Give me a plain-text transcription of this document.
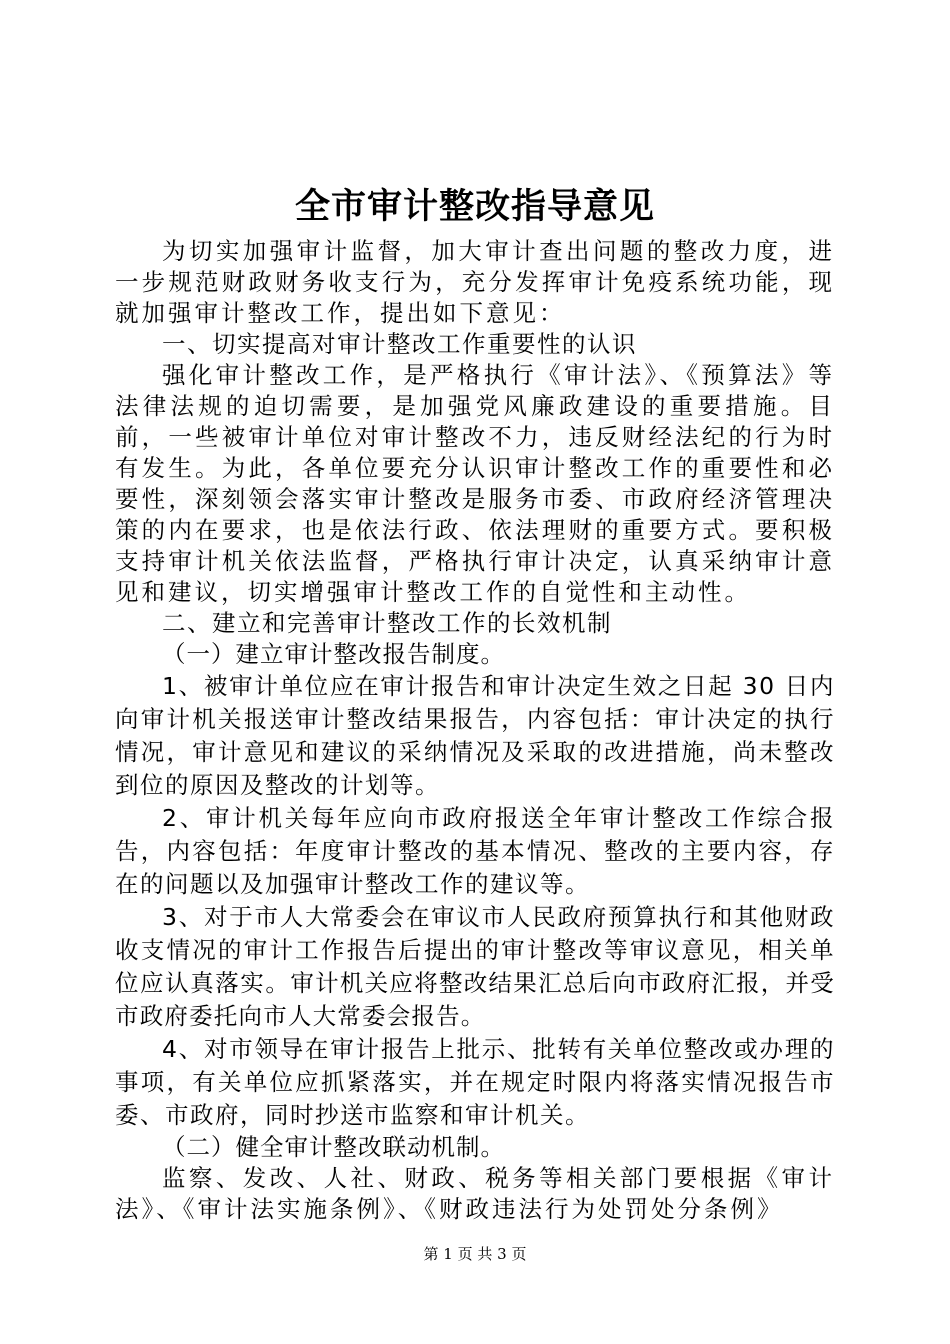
全市审计整改指导意见

为切实加强审计监督，加大审计查出问题的整改力度，进一步规范财政财务收支行为，充分发挥审计免疫系统功能，现就加强审计整改工作，提出如下意见：

一、切实提高对审计整改工作重要性的认识

强化审计整改工作，是严格执行《审计法》、《预算法》等法律法规的迫切需要，是加强党风廉政建设的重要措施。目前，一些被审计单位对审计整改不力，违反财经法纪的行为时有发生。为此，各单位要充分认识审计整改工作的重要性和必要性，深刻领会落实审计整改是服务市委、市政府经济管理决策的内在要求，也是依法行政、依法理财的重要方式。要积极支持审计机关依法监督，严格执行审计决定，认真采纳审计意见和建议，切实增强审计整改工作的自觉性和主动性。

二、建立和完善审计整改工作的长效机制

（一）建立审计整改报告制度。

1、被审计单位应在审计报告和审计决定生效之日起 30 日内向审计机关报送审计整改结果报告，内容包括：审计决定的执行情况，审计意见和建议的采纳情况及采取的改进措施，尚未整改到位的原因及整改的计划等。

2、审计机关每年应向市政府报送全年审计整改工作综合报告，内容包括：年度审计整改的基本情况、整改的主要内容，存在的问题以及加强审计整改工作的建议等。

3、对于市人大常委会在审议市人民政府预算执行和其他财政收支情况的审计工作报告后提出的审计整改等审议意见，相关单位应认真落实。审计机关应将整改结果汇总后向市政府汇报，并受市政府委托向市人大常委会报告。

4、对市领导在审计报告上批示、批转有关单位整改或办理的事项，有关单位应抓紧落实，并在规定时限内将落实情况报告市委、市政府，同时抄送市监察和审计机关。

（二）健全审计整改联动机制。

监察、发改、人社、财政、税务等相关部门要根据《审计法》、《审计法实施条例》、《财政违法行为处罚处分条例》

第 1 页 共 3 页
